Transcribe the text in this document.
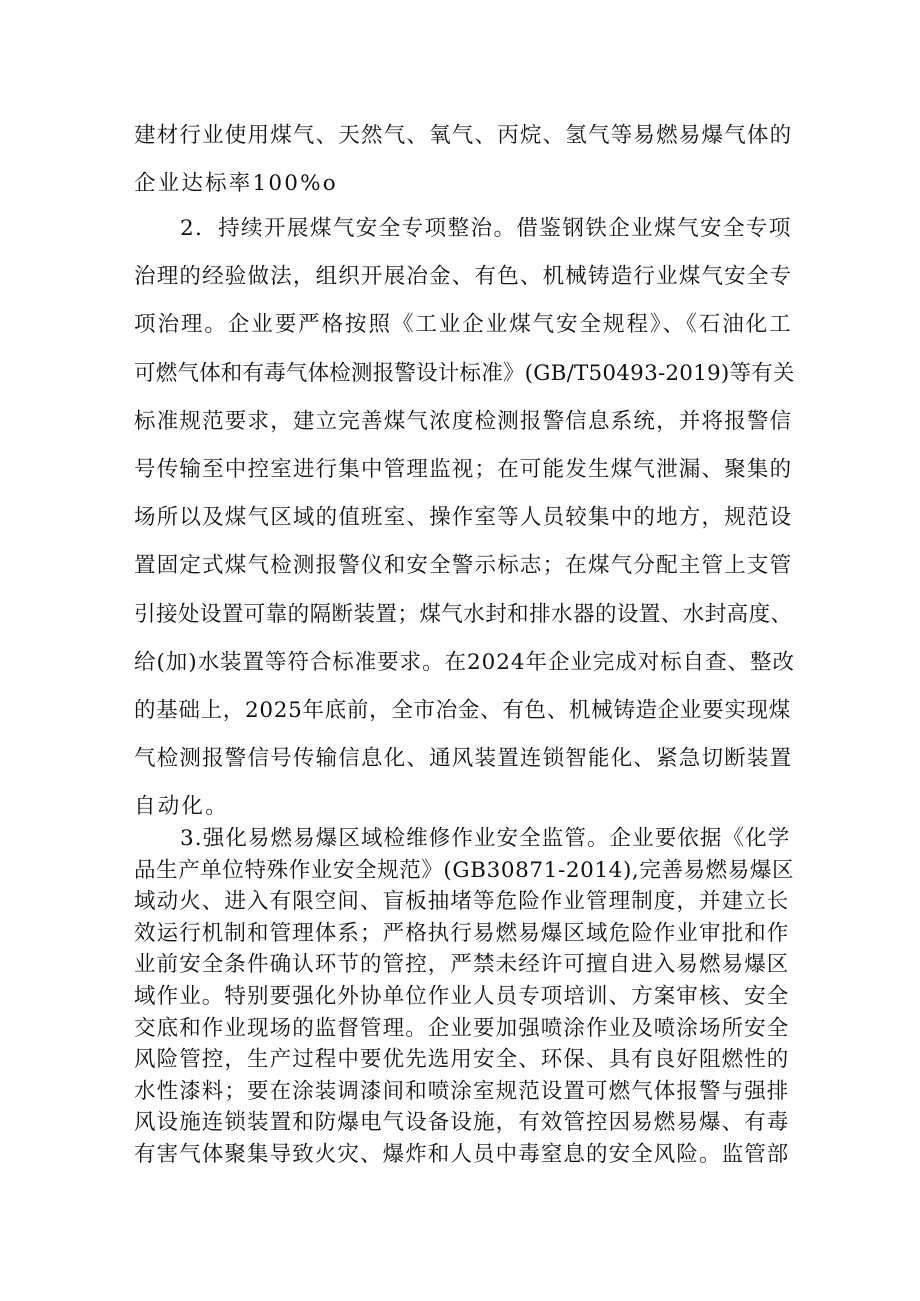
建材行业使用煤气、天然气、氧气、丙烷、氢气等易燃易爆气体的
企业达标率100%o
2．持续开展煤气安全专项整治。借鉴钢铁企业煤气安全专项
治理的经验做法，组织开展冶金、有色、机械铸造行业煤气安全专
项治理。企业要严格按照《工业企业煤气安全规程》、《石油化工
可燃气体和有毒气体检测报警设计标准》(GB/T50493-2019)等有关
标准规范要求，建立完善煤气浓度检测报警信息系统，并将报警信
号传输至中控室进行集中管理监视；在可能发生煤气泄漏、聚集的
场所以及煤气区域的值班室、操作室等人员较集中的地方，规范设
置固定式煤气检测报警仪和安全警示标志；在煤气分配主管上支管
引接处设置可靠的隔断装置；煤气水封和排水器的设置、水封高度、
给(加)水装置等符合标准要求。在2024年企业完成对标自查、整改
的基础上，2025年底前，全市冶金、有色、机械铸造企业要实现煤
气检测报警信号传输信息化、通风装置连锁智能化、紧急切断装置
自动化。
3.强化易燃易爆区域检维修作业安全监管。企业要依据《化学
品生产单位特殊作业安全规范》(GB30871-2014),完善易燃易爆区
域动火、进入有限空间、盲板抽堵等危险作业管理制度，并建立长
效运行机制和管理体系；严格执行易燃易爆区域危险作业审批和作
业前安全条件确认环节的管控，严禁未经许可擅自进入易燃易爆区
域作业。特别要强化外协单位作业人员专项培训、方案审核、安全
交底和作业现场的监督管理。企业要加强喷涂作业及喷涂场所安全
风险管控，生产过程中要优先选用安全、环保、具有良好阻燃性的
水性漆料；要在涂装调漆间和喷涂室规范设置可燃气体报警与强排
风设施连锁装置和防爆电气设备设施，有效管控因易燃易爆、有毒
有害气体聚集导致火灾、爆炸和人员中毒窒息的安全风险。监管部
